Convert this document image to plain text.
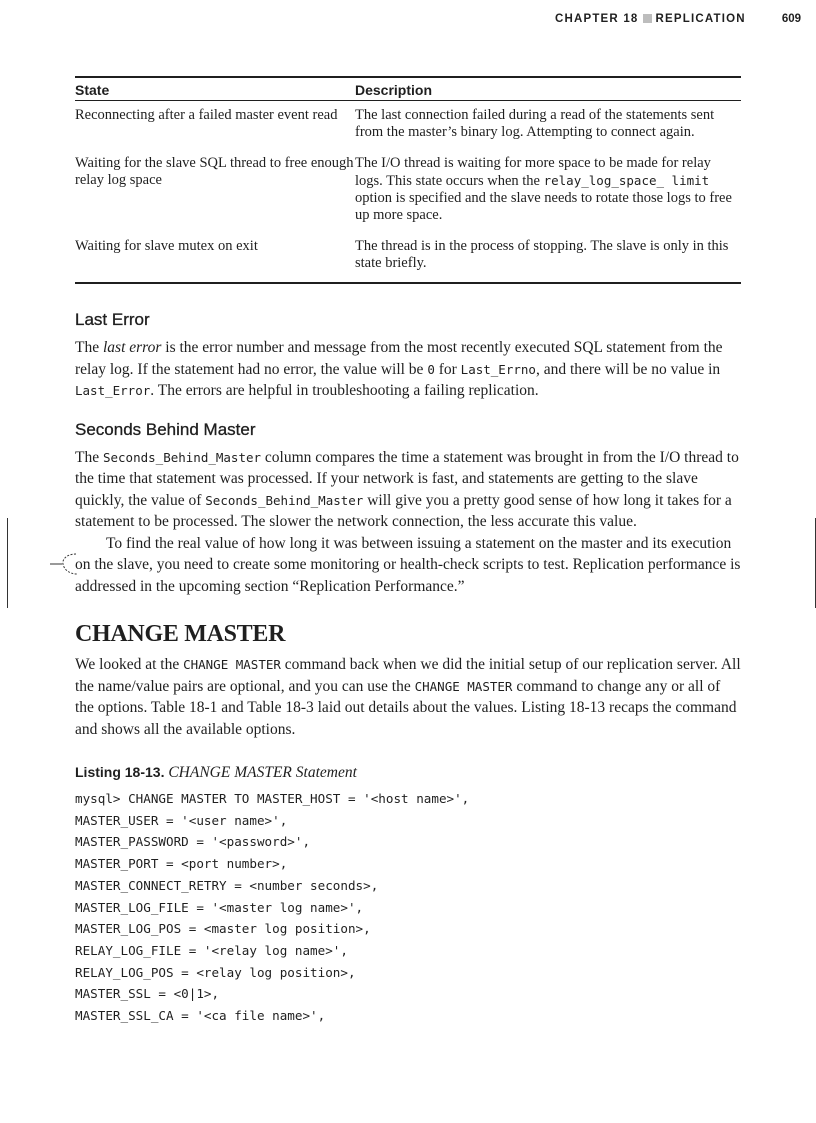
CHAPTER 18 REPLICATION	609
State	Description
Reconnecting after a failed master event read	The last connection failed during a read of the statements sent from the master’s binary log. Attempting to connect again.
Waiting for the slave SQL thread to free enough relay log space	The I/O thread is waiting for more space to be made for relay logs. This state occurs when the relay_log_space_ limit option is specified and the slave needs to rotate those logs to free up more space.
Waiting for slave mutex on exit	The thread is in the process of stopping. The slave is only in this state briefly.
Last Error

The last error is the error number and message from the most recently executed SQL statement from the relay log. If the statement had no error, the value will be 0 for Last_Errno, and there will be no value in Last_Error. The errors are helpful in troubleshooting a failing replication.

Seconds Behind Master

The Seconds_Behind_Master column compares the time a statement was brought in from the I/O thread to the time that statement was processed. If your network is fast, and statements are getting to the slave quickly, the value of Seconds_Behind_Master will give you a pretty good sense of how long it takes for a statement to be processed. The slower the network connection, the less accurate this value.

To find the real value of how long it was between issuing a statement on the master and its execution on the slave, you need to create some monitoring or health-check scripts to test. Replication performance is addressed in the upcoming section “Replication Performance.”

CHANGE MASTER

We looked at the CHANGE MASTER command back when we did the initial setup of our replication server. All the name/value pairs are optional, and you can use the CHANGE MASTER command to change any or all of the options. Table 18-1 and Table 18-3 laid out details about the values. Listing 18-13 recaps the command and shows all the available options.

Listing 18-13. CHANGE MASTER Statement
mysql> CHANGE MASTER TO MASTER_HOST = '<host name>',
MASTER_USER = '<user name>',
MASTER_PASSWORD = '<password>',
MASTER_PORT = <port number>,
MASTER_CONNECT_RETRY = <number seconds>,
MASTER_LOG_FILE = '<master log name>',
MASTER_LOG_POS = <master log position>,
RELAY_LOG_FILE = '<relay log name>',
RELAY_LOG_POS = <relay log position>,
MASTER_SSL = <0|1>,
MASTER_SSL_CA = '<ca file name>',
